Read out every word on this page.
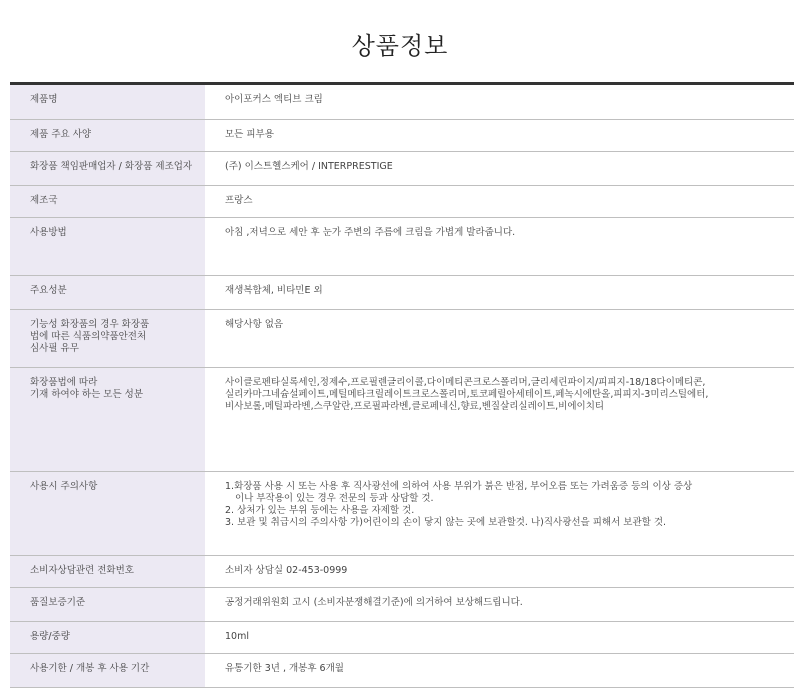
상품정보
제품명	아이포커스 엑티브 크림

제품 주요 사양	모든 피부용

화장품 책임판매업자 / 화장품 제조업자	(주) 이스트헬스케어 / INTERPRESTIGE

제조국	프랑스

사용방법	아침 ,저녁으로 세안 후 눈가 주변의 주름에 크림을 가볍게 발라줍니다.

주요성분	재생복합체, 비타민E 외

기능성 화장품의 경우 화장품
법에 따른 식품의약품안전처
심사필 유무	해당사항 없음

화장품법에 따라
기재 하여야 하는 모든 성분	사이클로펜타실록세인,정제수,프로필렌글리이콜,다이메티콘크로스폴리머,글리세린파이지/피피지-18/18다이메티콘,
실리카마그네슘설페이트,메틸메타크릴레이트크로스폴리머,토코페릴아세테이트,페녹시에탄올,피피지-3미리스틸에터,
비사보롤,메틸파라벤,스쿠알란,프로필파라벤,클로페네신,향료,벤질살리실레이트,비에이치티

사용시 주의사항	1.화장품 사용 시 또는 사용 후 직사광선에 의하여 사용 부위가 붉은 반점, 부어오름 또는 가려움증 등의 이상 증상
이나 부작용이 있는 경우 전문의 등과 상담할 것.
2. 상처가 있는 부위 등에는 사용을 자제할 것.
3. 보관 및 취급시의 주의사항 가)어린이의 손이 닿지 않는 곳에 보관할것. 나)직사광선을 피해서 보관할 것.

소비자상담관련 전화번호	소비자 상담실 02-453-0999

품질보증기준	공정거래위원회 고시 (소비자분쟁해결기준)에 의거하여 보상해드립니다.

용량/중량	10ml

사용기한 / 개봉 후 사용 기간	유통기한 3년 , 개봉후 6개월
